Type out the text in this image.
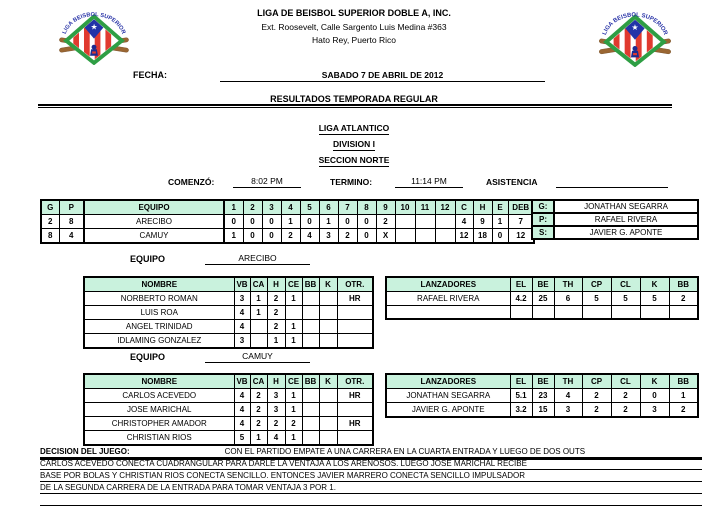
LIGA DE BEISBOL SUPERIOR DOBLE A, INC.
Ext. Roosevelt, Calle Sargento Luis Medina #363
Hato Rey, Puerto Rico
FECHA:	SABADO 7 DE ABRIL DE 2012
RESULTADOS TEMPORADA REGULAR
LIGA ATLANTICO
DIVISION I
SECCION NORTE
COMENZÓ:	8:02 PM	TERMINO:	11:14 PM	ASISTENCIA
G	P	EQUIPO	1	2	3	4	5	6	7	8	9	10	11	12	C	H	E	DEB
2	8	ARECIBO	0	0	0	1	0	1	0	0	2				4	9	1	7
8	4	CAMUY	1	0	0	2	4	3	2	0	X				12	18	0	12
G:	JONATHAN SEGARRA
P:	RAFAEL RIVERA
S:	JAVIER G. APONTE
EQUIPO	ARECIBO
NOMBRE	VB	CA	H	CE	BB	K	OTR.
NORBERTO ROMAN	3	1	2	1			HR
LUIS ROA	4	1	2				
ANGEL TRINIDAD	4		2	1			
IDLAMING GONZALEZ	3		1	1			
LANZADORES	EL	BE	TH	CP	CL	K	BB
RAFAEL RIVERA	4.2	25	6	5	5	5	2

EQUIPO	CAMUY
NOMBRE	VB	CA	H	CE	BB	K	OTR.
CARLOS ACEVEDO	4	2	3	1			HR
JOSE MARICHAL	4	2	3	1			
CHRISTOPHER AMADOR	4	2	2	2			HR
CHRISTIAN RIOS	5	1	4	1			
LANZADORES	EL	BE	TH	CP	CL	K	BB
JONATHAN SEGARRA	5.1	23	4	2	2	0	1
JAVIER G. APONTE	3.2	15	3	2	2	3	2
DECISION DEL JUEGO:	CON EL PARTIDO EMPATE A UNA CARRERA EN LA CUARTA ENTRADA Y LUEGO DE DOS OUTS
CARLOS ACEVEDO CONECTA CUADRANGULAR PARA DARLE LA VENTAJA A LOS ARENOSOS. LUEGO JOSE MARICHAL RECIBE
BASE POR BOLAS Y CHRISTIAN RIOS CONECTA SENCILLO. ENTONCES JAVIER MARRERO CONECTA SENCILLO IMPULSADOR
DE LA SEGUNDA CARRERA DE LA ENTRADA PARA TOMAR VENTAJA 3 POR 1.
